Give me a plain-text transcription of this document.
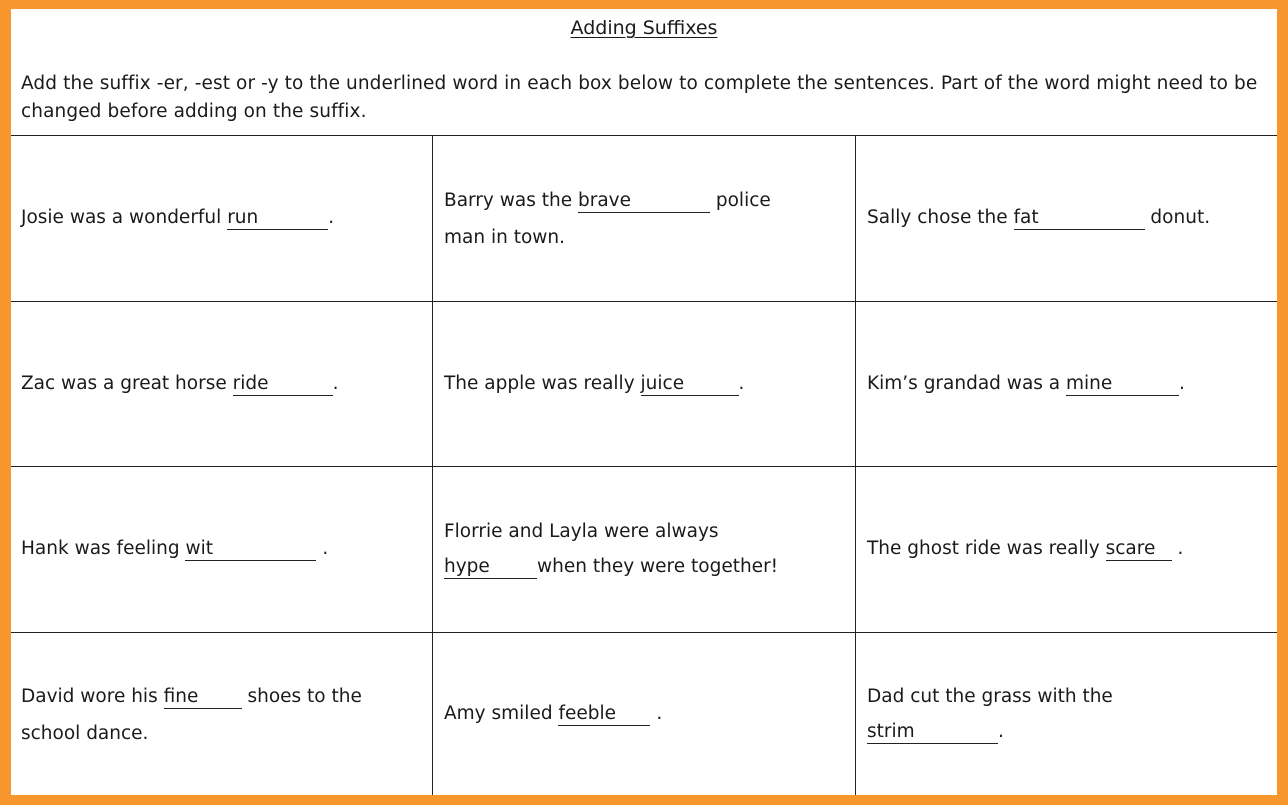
Adding Suffixes
Add the suffix -er, -est or -y to the underlined word in each box below to complete the sentences. Part of the word might need to be changed before adding on the suffix.
Josie was a wonderful run	.
Barry was the brave	police
man in town.
Sally chose the fat	donut.
Zac was a great horse ride	.	The apple was really juice	.	Kim’s grandad was a mine	.
Hank was feeling wit	.
Florrie and Layla were always
hype	when they were together!
The ghost ride was really scare .
David wore his fine shoes to the
school dance.
Amy smiled feeble .
Dad cut the grass with the
strim	.
